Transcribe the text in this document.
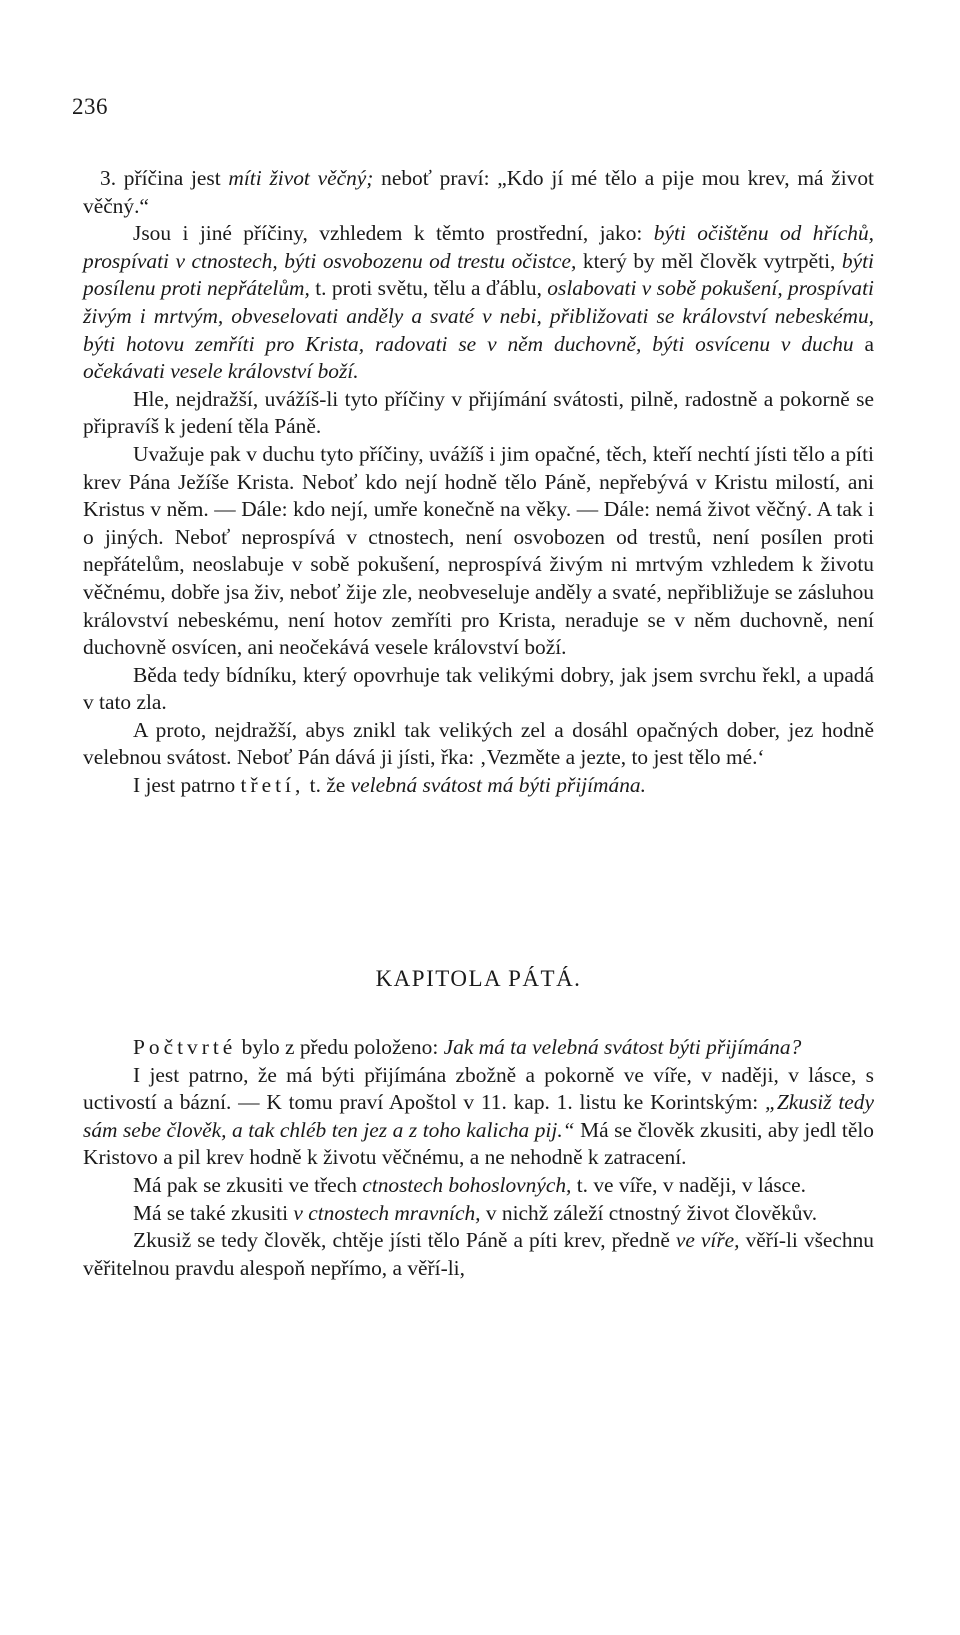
236

3. příčina jest míti život věčný; neboť praví: „Kdo jí mé tělo a pije mou krev, má život věčný.“

Jsou i jiné příčiny, vzhledem k těmto prostřední, jako: býti očištěnu od hříchů, prospívati v ctnostech, býti osvobozenu od trestu očistce, který by měl člověk vytrpěti, býti posílenu proti nepřátelům, t. proti světu, tělu a ďáblu, oslabovati v sobě pokušení, prospívati živým i mrtvým, obveselovati anděly a svaté v nebi, přibližovati se království nebeskému, býti hotovu zemříti pro Krista, radovati se v něm duchovně, býti osvícenu v duchu a očekávati vesele království boží.

Hle, nejdražší, uvážíš-li tyto příčiny v přijímání svátosti, pilně, radostně a pokorně se připravíš k jedení těla Páně.

Uvažuje pak v duchu tyto příčiny, uvážíš i jim opačné, těch, kteří nechtí jísti tělo a píti krev Pána Ježíše Krista. Neboť kdo nejí hodně tělo Páně, nepřebývá v Kristu milostí, ani Kristus v něm. — Dále: kdo nejí, umře konečně na věky. — Dále: nemá život věčný. A tak i o jiných. Neboť neprospívá v ctnostech, není osvobozen od trestů, není posílen proti nepřátelům, neoslabuje v sobě pokušení, neprospívá živým ni mrtvým vzhledem k životu věčnému, dobře jsa živ, neboť žije zle, neobveseluje anděly a svaté, nepřibližuje se zásluhou království nebeskému, není hotov zemříti pro Krista, neraduje se v něm duchovně, není duchovně osvícen, ani neočekává vesele království boží.

Běda tedy bídníku, který opovrhuje tak velikými dobry, jak jsem svrchu řekl, a upadá v tato zla.

A proto, nejdražší, abys znikl tak velikých zel a dosáhl opačných dober, jez hodně velebnou svátost. Neboť Pán dává ji jísti, řka: ‚Vezměte a jezte, to jest tělo mé.‘

I jest patrno třetí, t. že velebná svátost má býti přijímána.

KAPITOLA PÁTÁ.

Počtvrté bylo z předu položeno: Jak má ta velebná svátost býti přijímána?

I jest patrno, že má býti přijímána zbožně a pokorně ve víře, v naději, v lásce, s uctivostí a bázní. — K tomu praví Apoštol v 11. kap. 1. listu ke Korintským: „Zkusiž tedy sám sebe člověk, a tak chléb ten jez a z toho kalicha pij.“ Má se člověk zkusiti, aby jedl tělo Kristovo a pil krev hodně k životu věčnému, a ne nehodně k zatracení.

Má pak se zkusiti ve třech ctnostech bohoslovných, t. ve víře, v naději, v lásce.

Má se také zkusiti v ctnostech mravních, v nichž záleží ctnostný život člověkův.

Zkusiž se tedy člověk, chtěje jísti tělo Páně a píti krev, předně ve víře, věří-li všechnu věřitelnou pravdu alespoň nepřímo, a věří-li,
